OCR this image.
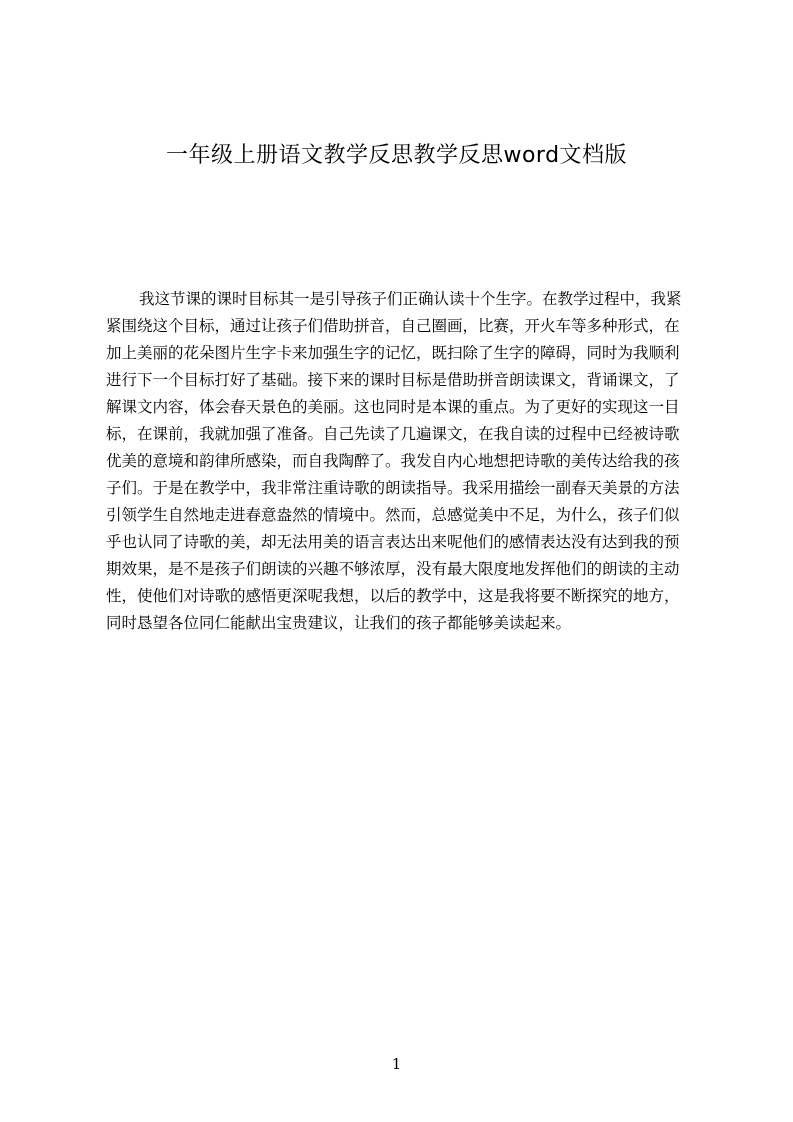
一年级上册语文教学反思教学反思word文档版
我这节课的课时目标其一是引导孩子们正确认读十个生字。在教学过程中，我紧
紧围绕这个目标，通过让孩子们借助拼音，自己圈画，比赛，开火车等多种形式，在
加上美丽的花朵图片生字卡来加强生字的记忆，既扫除了生字的障碍，同时为我顺利
进行下一个目标打好了基础。接下来的课时目标是借助拼音朗读课文，背诵课文，了
解课文内容，体会春天景色的美丽。这也同时是本课的重点。为了更好的实现这一目
标，在课前，我就加强了准备。自己先读了几遍课文，在我自读的过程中已经被诗歌
优美的意境和韵律所感染，而自我陶醉了。我发自内心地想把诗歌的美传达给我的孩
子们。于是在教学中，我非常注重诗歌的朗读指导。我采用描绘一副春天美景的方法
引领学生自然地走进春意盎然的情境中。然而，总感觉美中不足，为什么，孩子们似
乎也认同了诗歌的美，却无法用美的语言表达出来呢他们的感情表达没有达到我的预
期效果，是不是孩子们朗读的兴趣不够浓厚，没有最大限度地发挥他们的朗读的主动
性，使他们对诗歌的感悟更深呢我想，以后的教学中，这是我将要不断探究的地方，
同时恳望各位同仁能献出宝贵建议，让我们的孩子都能够美读起来。
1
